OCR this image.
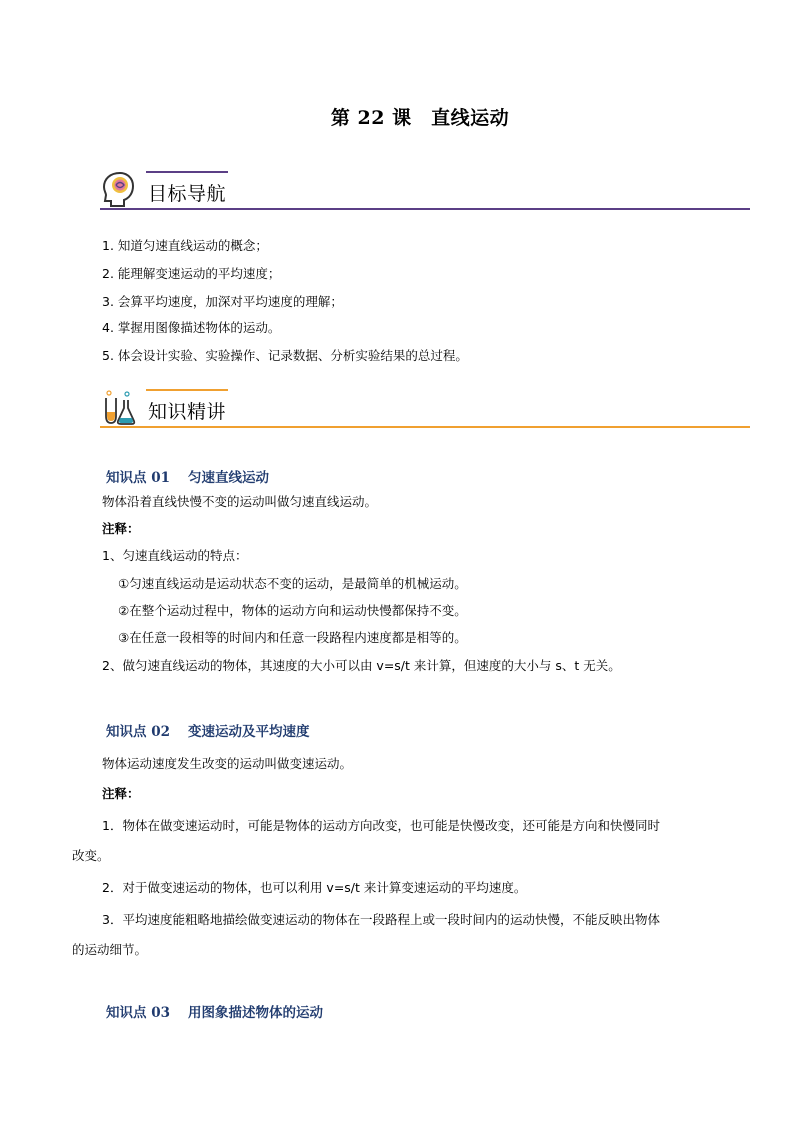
第 22 课　直线运动
目标导航
1. 知道匀速直线运动的概念；
2. 能理解变速运动的平均速度；
3. 会算平均速度，加深对平均速度的理解；
4. 掌握用图像描述物体的运动。
5. 体会设计实验、实验操作、记录数据、分析实验结果的总过程。
知识精讲
知识点 01 匀速直线运动
物体沿着直线快慢不变的运动叫做匀速直线运动。
注释：
1、匀速直线运动的特点：
①匀速直线运动是运动状态不变的运动，是最简单的机械运动。
②在整个运动过程中，物体的运动方向和运动快慢都保持不变。
③在任意一段相等的时间内和任意一段路程内速度都是相等的。
2、做匀速直线运动的物体，其速度的大小可以由 v=s/t 来计算，但速度的大小与 s、t 无关。
知识点 02 变速运动及平均速度
物体运动速度发生改变的运动叫做变速运动。
注释：
1．物体在做变速运动时，可能是物体的运动方向改变，也可能是快慢改变，还可能是方向和快慢同时
改变。
2．对于做变速运动的物体，也可以利用 v=s/t 来计算变速运动的平均速度。
3．平均速度能粗略地描绘做变速运动的物体在一段路程上或一段时间内的运动快慢，不能反映出物体
的运动细节。
知识点 03 用图象描述物体的运动
